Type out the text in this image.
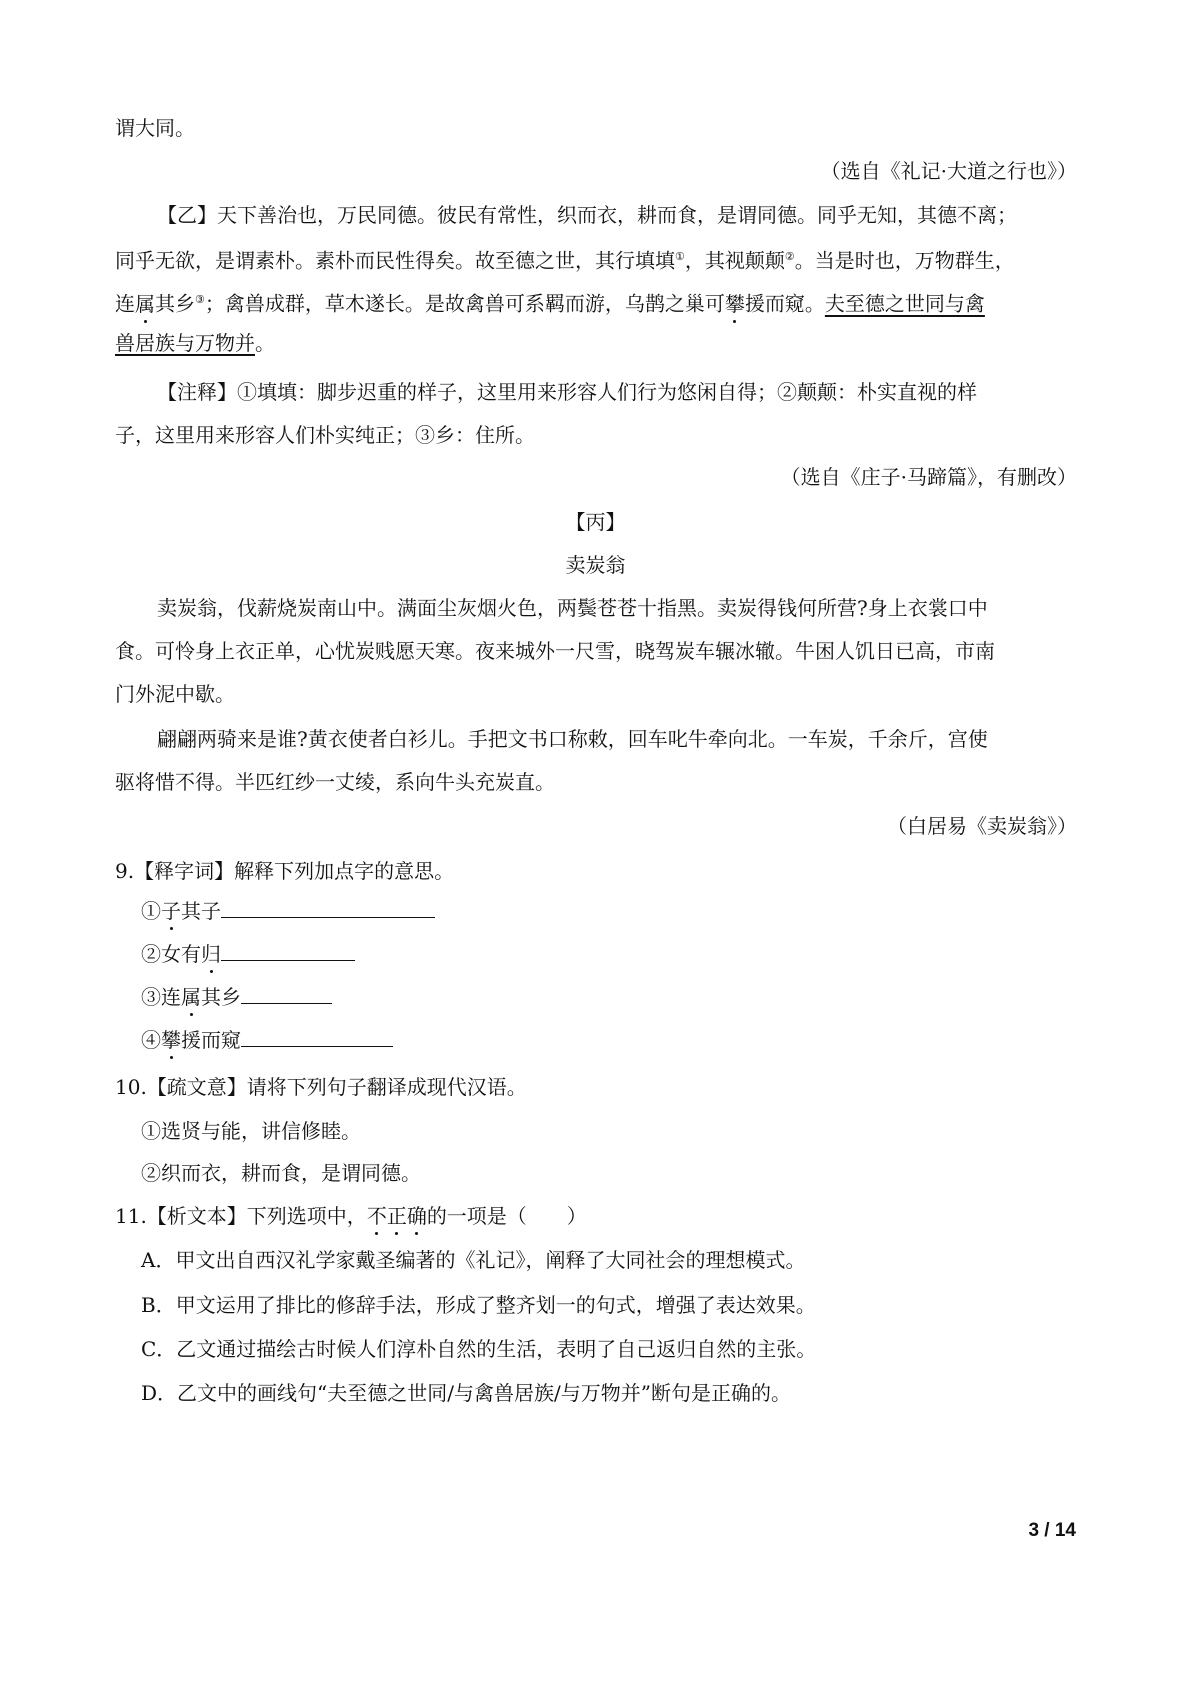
谓大同。
（选自《礼记·大道之行也》）
【乙】天下善治也，万民同德。彼民有常性，织而衣，耕而食，是谓同德。同乎无知，其德不离；
同乎无欲，是谓素朴。素朴而民性得矣。故至德之世，其行填填①，其视颠颠②。当是时也，万物群生，
连属其乡③；禽兽成群，草木遂长。是故禽兽可系羁而游，乌鹊之巢可攀援而窥。夫至德之世同与禽
兽居族与万物并。
【注释】①填填：脚步迟重的样子，这里用来形容人们行为悠闲自得；②颠颠：朴实直视的样
子，这里用来形容人们朴实纯正；③乡：住所。
（选自《庄子·马蹄篇》，有删改）
【丙】
卖炭翁
卖炭翁，伐薪烧炭南山中。满面尘灰烟火色，两鬓苍苍十指黑。卖炭得钱何所营?身上衣裳口中
食。可怜身上衣正单，心忧炭贱愿天寒。夜来城外一尺雪，晓驾炭车辗冰辙。牛困人饥日已高，市南
门外泥中歇。
翩翩两骑来是谁?黄衣使者白衫儿。手把文书口称敕，回车叱牛牵向北。一车炭，千余斤，宫使
驱将惜不得。半匹红纱一丈绫，系向牛头充炭直。
（白居易《卖炭翁》）
9.【释字词】解释下列加点字的意思。
①子其子
②女有归
③连属其乡
④攀援而窥
10.【疏文意】请将下列句子翻译成现代汉语。
①选贤与能，讲信修睦。
②织而衣，耕而食，是谓同德。
11.【析文本】下列选项中，不正确的一项是（　　）
A．甲文出自西汉礼学家戴圣编著的《礼记》，阐释了大同社会的理想模式。
B．甲文运用了排比的修辞手法，形成了整齐划一的句式，增强了表达效果。
C．乙文通过描绘古时候人们淳朴自然的生活，表明了自己返归自然的主张。
D．乙文中的画线句“夫至德之世同/与禽兽居族/与万物并”断句是正确的。
3 / 14
